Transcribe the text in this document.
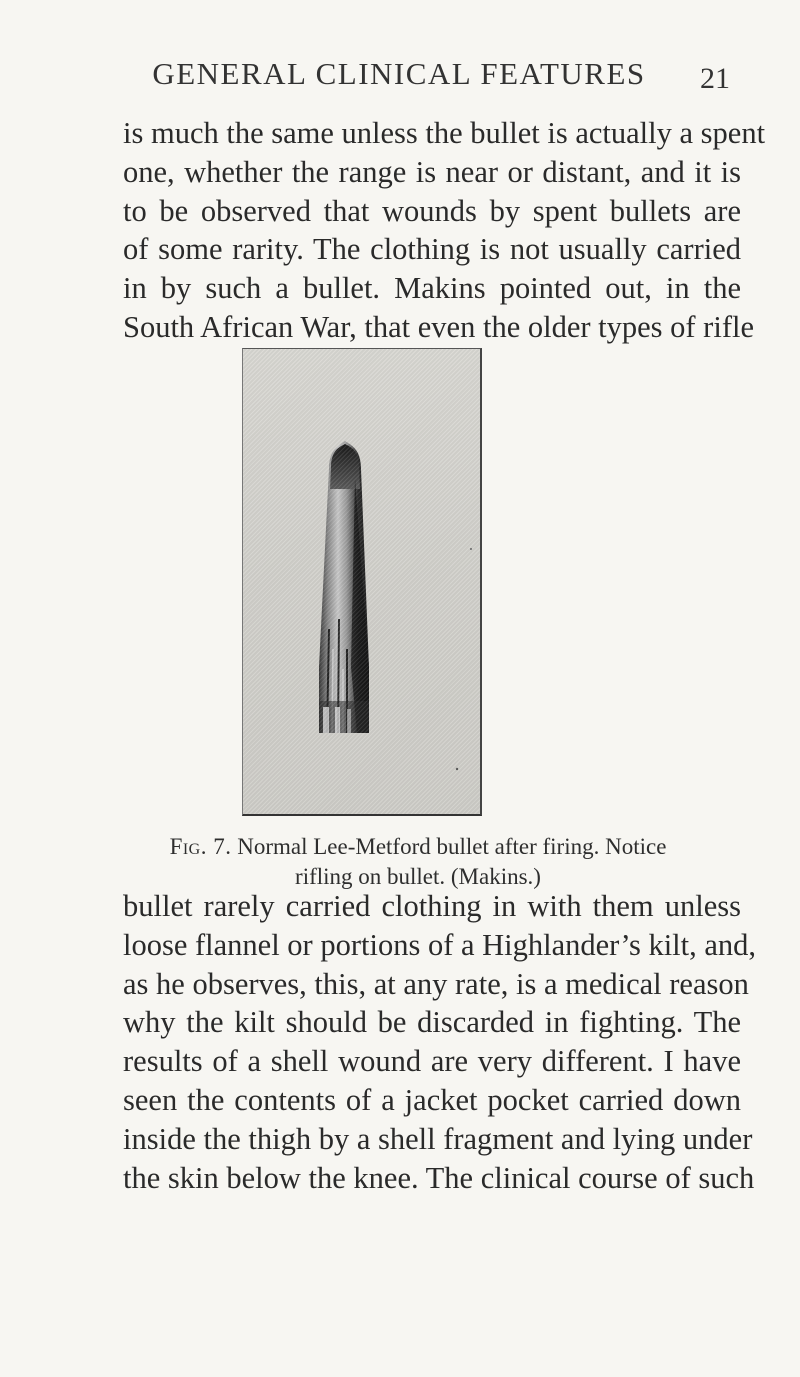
GENERAL CLINICAL FEATURES	21
is much the same unless the bullet is actually a spent
one, whether the range is near or distant, and it is
to be observed that wounds by spent bullets are
of some rarity. The clothing is not usually carried
in by such a bullet. Makins pointed out, in the
South African War, that even the older types of rifle
Fig. 7. Normal Lee-Metford bullet after firing. Notice
rifling on bullet. (Makins.)
bullet rarely carried clothing in with them unless
loose flannel or portions of a Highlander’s kilt, and,
as he observes, this, at any rate, is a medical reason
why the kilt should be discarded in fighting. The
results of a shell wound are very different. I have
seen the contents of a jacket pocket carried down
inside the thigh by a shell fragment and lying under
the skin below the knee. The clinical course of such
